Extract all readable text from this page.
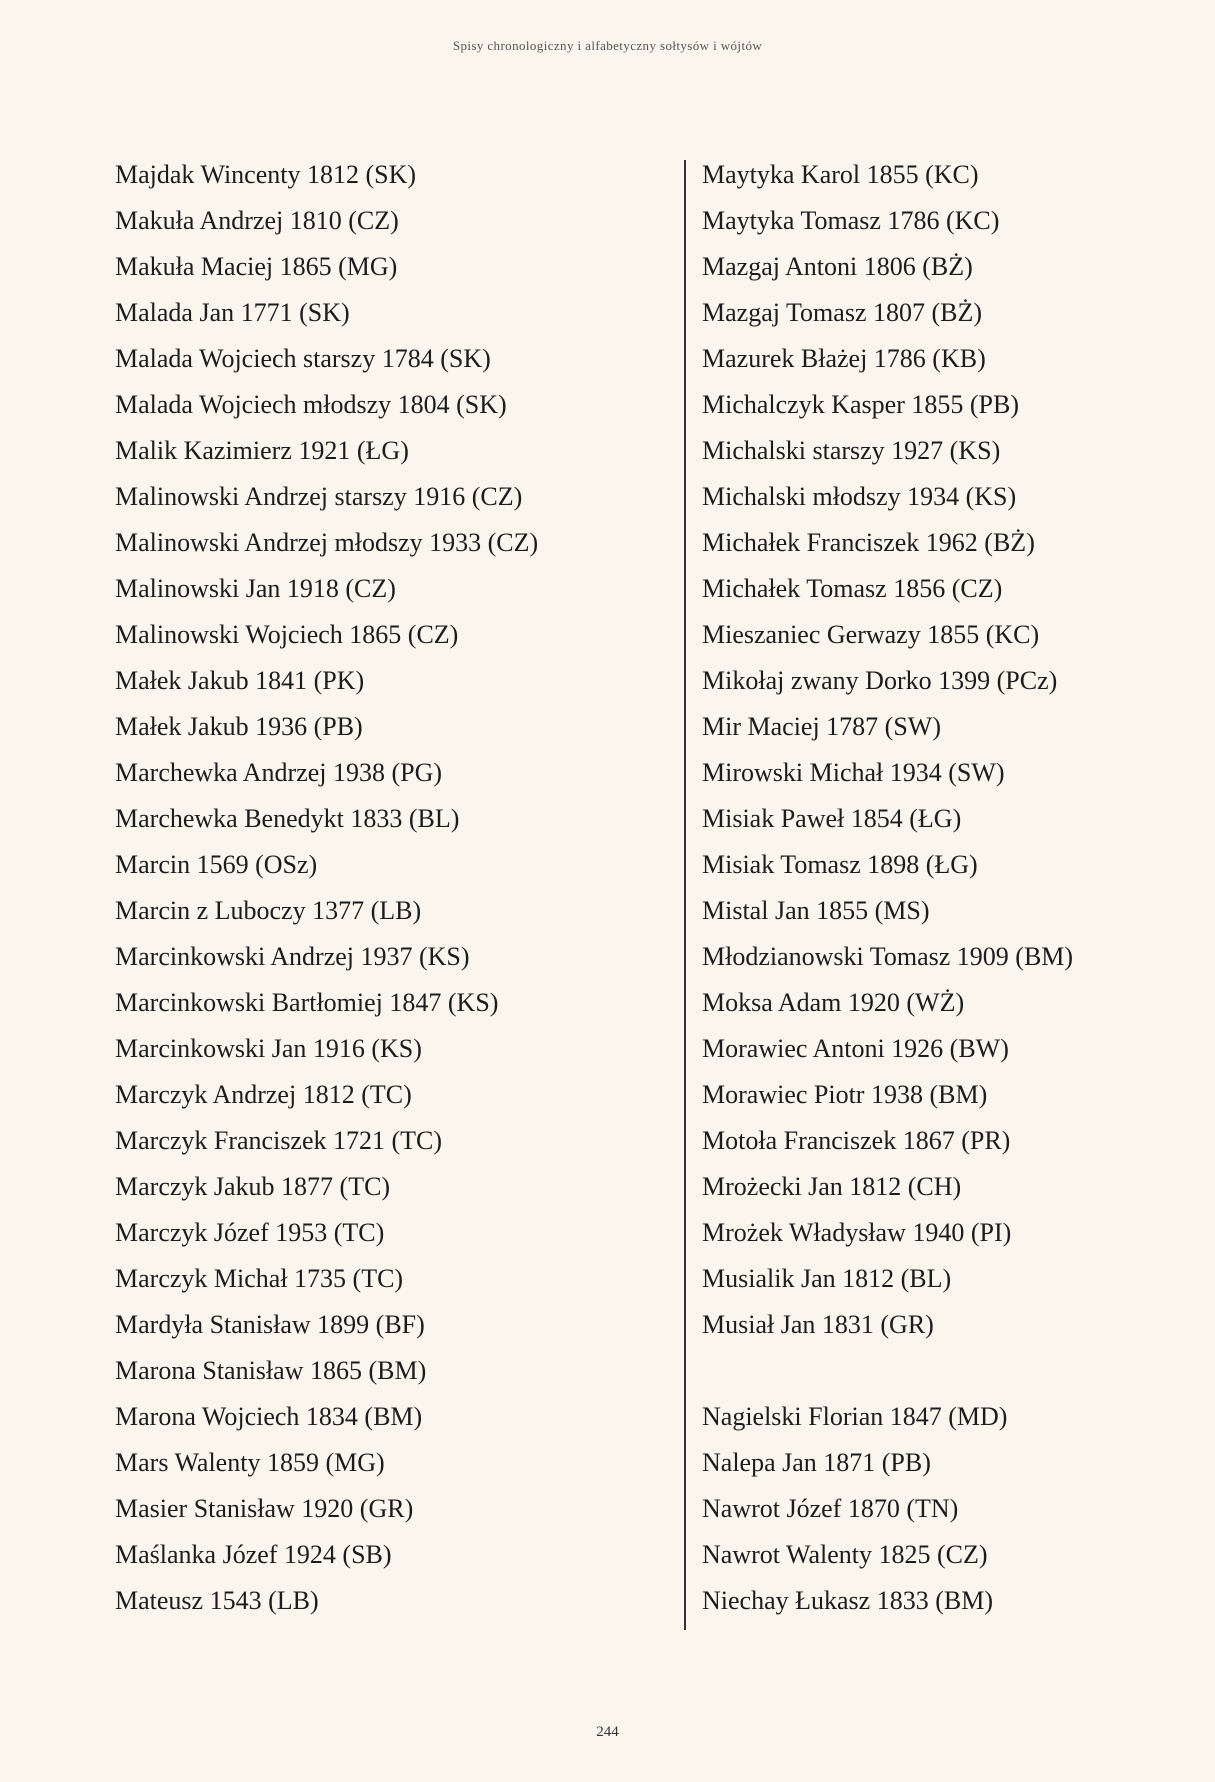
Spisy chronologiczny i alfabetyczny sołtysów i wójtów
Majdak Wincenty 1812 (SK)
Makuła Andrzej 1810 (CZ)
Makuła Maciej 1865 (MG)
Malada Jan 1771 (SK)
Malada Wojciech starszy 1784 (SK)
Malada Wojciech młodszy 1804 (SK)
Malik Kazimierz 1921 (ŁG)
Malinowski Andrzej starszy 1916 (CZ)
Malinowski Andrzej młodszy 1933 (CZ)
Malinowski Jan 1918 (CZ)
Malinowski Wojciech 1865 (CZ)
Małek Jakub 1841 (PK)
Małek Jakub 1936 (PB)
Marchewka Andrzej 1938 (PG)
Marchewka Benedykt 1833 (BL)
Marcin 1569 (OSz)
Marcin z Luboczy 1377 (LB)
Marcinkowski Andrzej 1937 (KS)
Marcinkowski Bartłomiej 1847 (KS)
Marcinkowski Jan 1916 (KS)
Marczyk Andrzej 1812 (TC)
Marczyk Franciszek 1721 (TC)
Marczyk Jakub 1877 (TC)
Marczyk Józef 1953 (TC)
Marczyk Michał 1735 (TC)
Mardyła Stanisław 1899 (BF)
Marona Stanisław 1865 (BM)
Marona Wojciech 1834 (BM)
Mars Walenty 1859 (MG)
Masier Stanisław 1920 (GR)
Maślanka Józef 1924 (SB)
Mateusz 1543 (LB)
Maytyka Karol 1855 (KC)
Maytyka Tomasz 1786 (KC)
Mazgaj Antoni 1806 (BŻ)
Mazgaj Tomasz 1807 (BŻ)
Mazurek Błażej 1786 (KB)
Michalczyk Kasper 1855 (PB)
Michalski starszy 1927 (KS)
Michalski młodszy 1934 (KS)
Michałek Franciszek 1962 (BŻ)
Michałek Tomasz 1856 (CZ)
Mieszaniec Gerwazy 1855 (KC)
Mikołaj zwany Dorko 1399 (PCz)
Mir Maciej 1787 (SW)
Mirowski Michał 1934 (SW)
Misiak Paweł 1854 (ŁG)
Misiak Tomasz 1898 (ŁG)
Mistal Jan 1855 (MS)
Młodzianowski Tomasz 1909 (BM)
Moksa Adam 1920 (WŻ)
Morawiec Antoni 1926 (BW)
Morawiec Piotr 1938 (BM)
Motoła Franciszek 1867 (PR)
Mrożecki Jan 1812 (CH)
Mrożek Władysław 1940 (PI)
Musialik Jan 1812 (BL)
Musiał Jan 1831 (GR)
Nagielski Florian 1847 (MD)
Nalepa Jan 1871 (PB)
Nawrot Józef 1870 (TN)
Nawrot Walenty 1825 (CZ)
Niechay Łukasz 1833 (BM)
244
